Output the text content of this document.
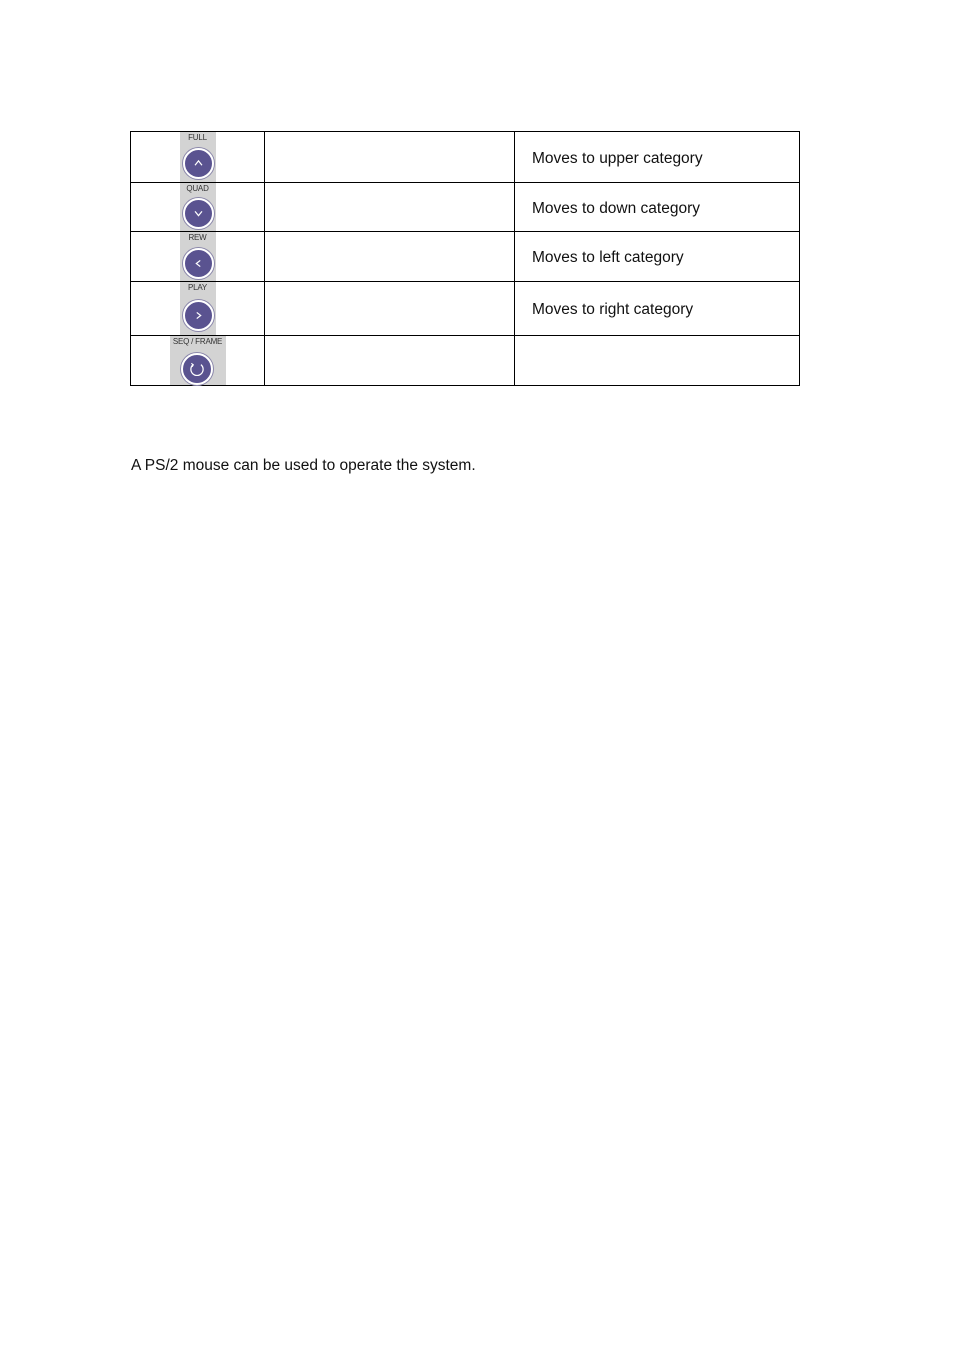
FULL		Moves to upper category

QUAD		Moves to down category

REW		Moves to left category

PLAY		Moves to right category

SEQ / FRAME		

A PS/2 mouse can be used to operate the system.
